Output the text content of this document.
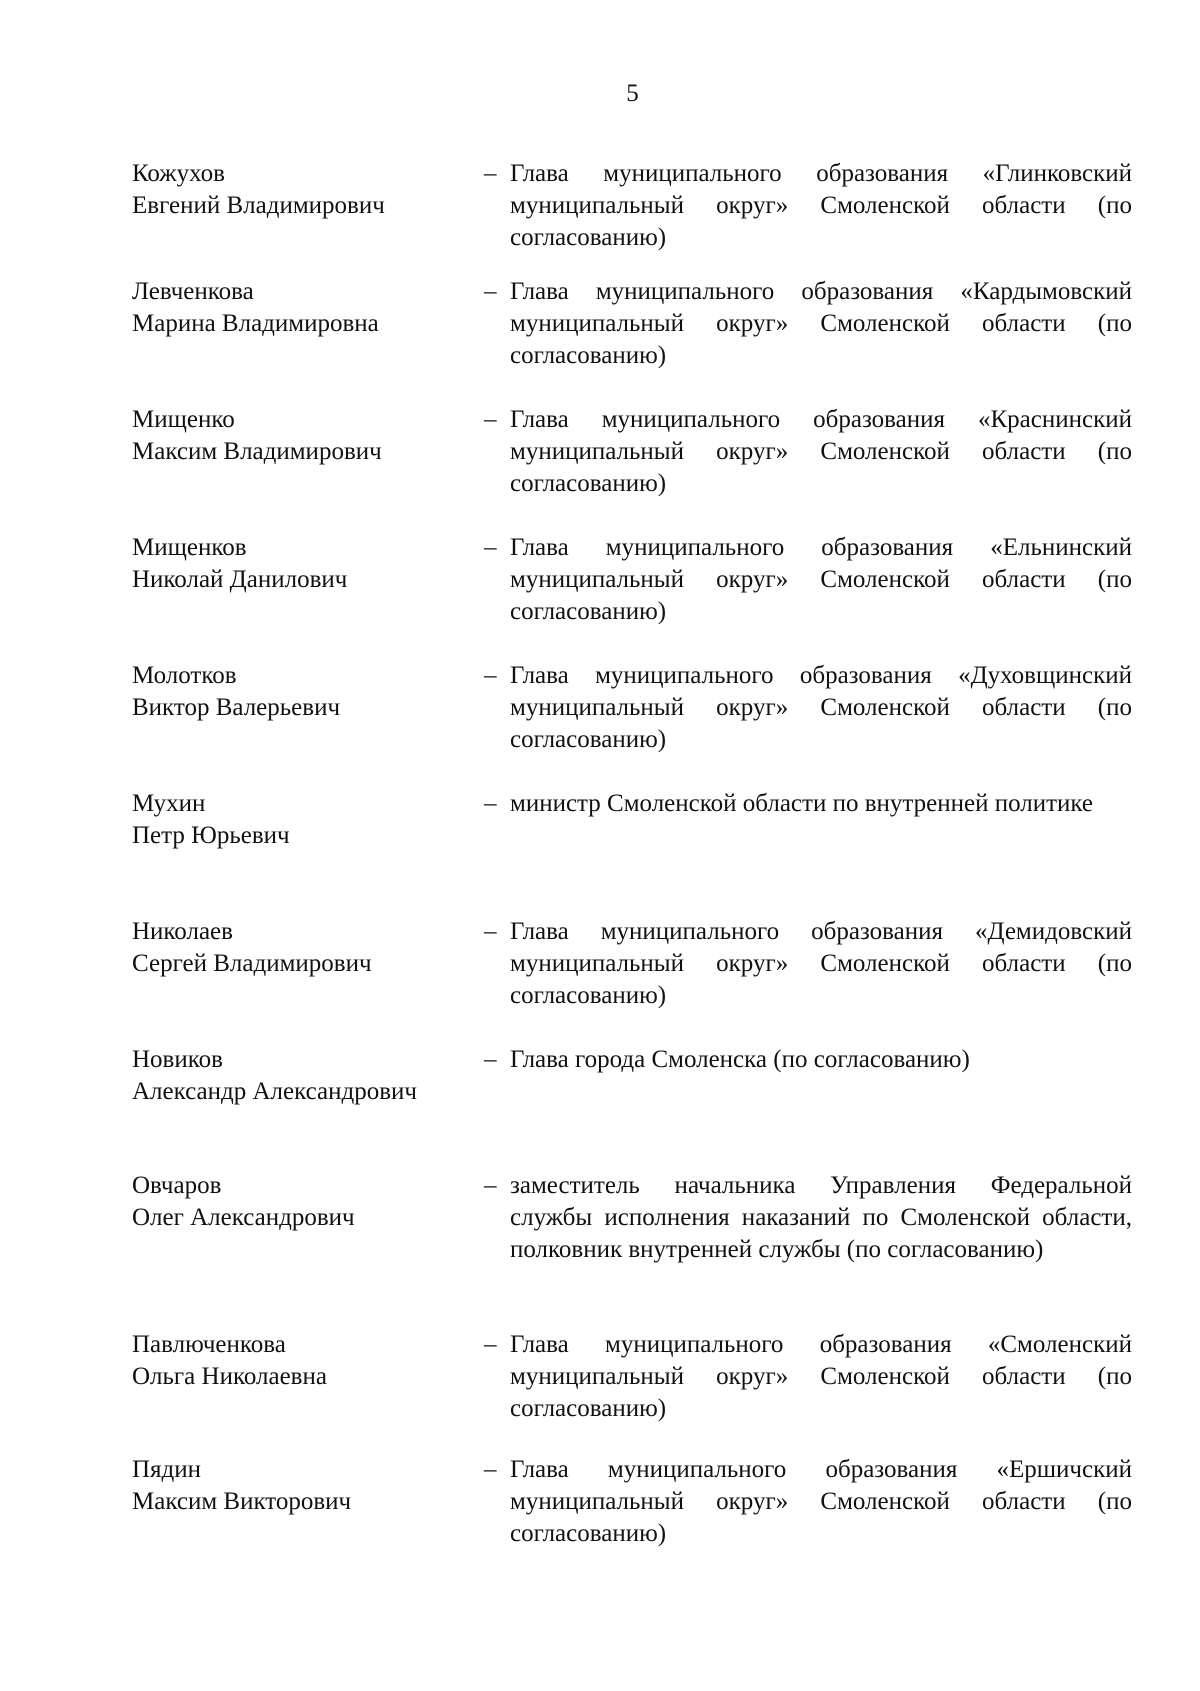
5
Кожухов
Евгений Владимирович
– Глава муниципального образования «Глинковский муниципальный округ» Смоленской области (по согласованию)
Левченкова
Марина Владимировна
– Глава муниципального образования «Кардымовский муниципальный округ» Смоленской области (по согласованию)
Мищенко
Максим Владимирович
– Глава муниципального образования «Краснинский муниципальный округ» Смоленской области (по согласованию)
Мищенков
Николай Данилович
– Глава муниципального образования «Ельнинский муниципальный округ» Смоленской области (по согласованию)
Молотков
Виктор Валерьевич
– Глава муниципального образования «Духовщинский муниципальный округ» Смоленской области (по согласованию)
Мухин
Петр Юрьевич
– министр Смоленской области по внутренней политике
Николаев
Сергей Владимирович
– Глава муниципального образования «Демидовский муниципальный округ» Смоленской области (по согласованию)
Новиков
Александр Александрович
– Глава города Смоленска (по согласованию)
Овчаров
Олег Александрович
– заместитель начальника Управления Федеральной службы исполнения наказаний по Смоленской области, полковник внутренней службы (по согласованию)
Павлюченкова
Ольга Николаевна
– Глава муниципального образования «Смоленский муниципальный округ» Смоленской области (по согласованию)
Пядин
Максим Викторович
– Глава муниципального образования «Ершичский муниципальный округ» Смоленской области (по согласованию)
